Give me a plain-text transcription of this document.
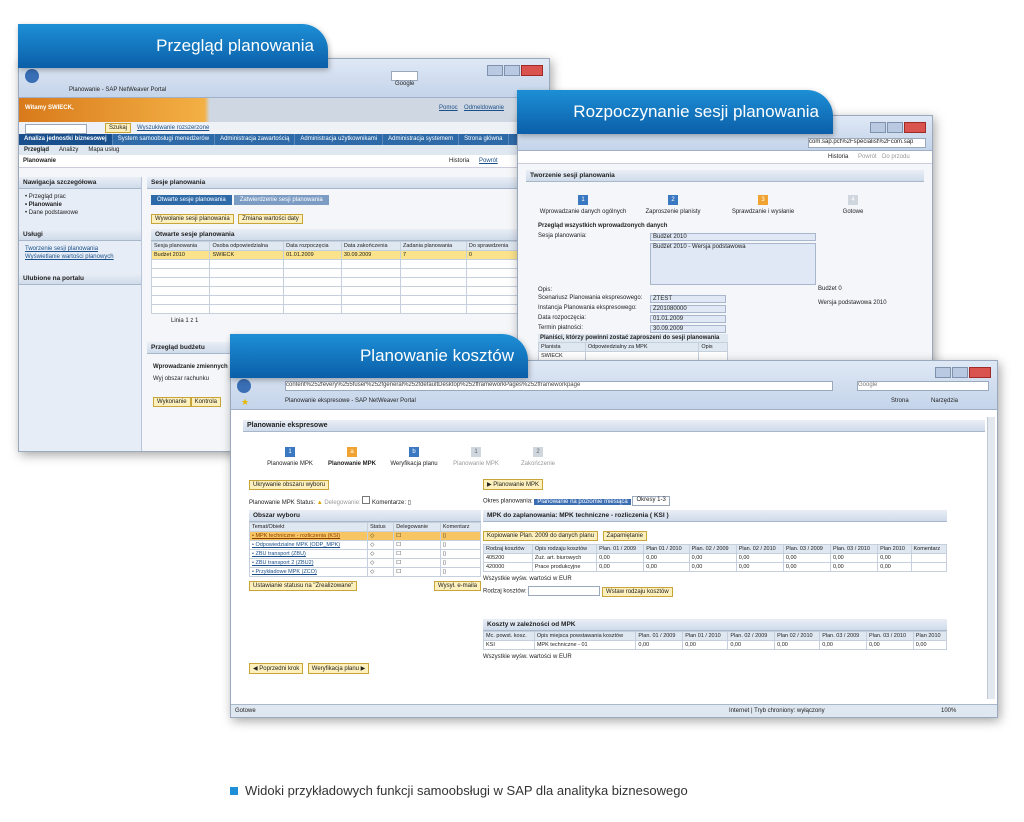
Google
Planowanie - SAP NetWeaver Portal
Witamy SWIECK,	Pomoc Odmeldowanie
Szukaj	Wyszukiwanie rozszerzone
Analiza jednostki biznesowej	System samoobsługi menedżerów	Administracja zawartością	Administracja użytkownikami	Administracja systemem	Strona główna
Przegląd	Analizy	Mapa usług
Planowanie	Historia Powrót
Nawigacja szczegółowa
• Przegląd prac
• Planowanie
• Dane podstawowe
Usługi
Tworzenie sesji planowania
Wyświetlanie wartości planowych
Ulubione na portalu
Sesje planowania
Otwarte sesje planowania	Zatwierdzenie sesji planowania
Wywołanie sesji planowania Zmiana wartości daty
Otwarte sesje planowania
Sesja planowania	Osoba odpowiedzialna	Data rozpoczęcia	Data zakończenia	Zadania planowania	Do sprawdzenia	
Budżet 2010	SWIECK	01.01.2009	30.09.2009	7	0	

Linia 1 z 1
Przegląd budżetu
Wprowadzanie zmiennych
Wyj obszar rachunku
Wykonanie Kontrola
com.sap.pct%2Fspecialist%2Fcom.sap
Historia Powrót Do przodu
Tworzenie sesji planowania
1
Wprowadzanie danych ogólnych
2
Zaproszenie planisty
3
Sprawdzanie i wysłanie
4
Gotowe
Przegląd wszystkich wprowadzonych danych
Sesja planowania:	Budżet 2010
Budżet 2010 - Wersja podstawowa
Opis:
Scenariusz Planowania ekspresowego:	ZTEST
Instancja Planowania ekspresowego:	Z201080000
Data rozpoczęcia:	01.01.2009
Termin płatności:	30.09.2009
Budżet 0
Wersja podstawowa 2010
Planiści, którzy powinni zostać zaproszeni do sesji planowania
Planista	Odpowiedzialny za MPK	Opis
SWIECK		
content%252fevery%255fuser%252fgeneral%252fdefaultDesktop%252fframeworkPages%252fframeworkpage	Google
★	Planowanie ekspresowe - SAP NetWeaver Portal	Strona	Narzędzia
Planowanie ekspresowe
1
Planowanie MPK
a
Planowanie MPK
b
Weryfikacja planu
1
Planowanie MPK
2
Zakończenie
Ukrywanie obszaru wyboru
Planowanie MPK Status: ▲ Delegowanie: Komentarze: ▯
Obszar wyboru
Temat/Obiekt	Status	Delegowanie	Komentarz
• MPK techniczne - rozliczenia (KSI)	◇	☐	▯
• Odpowiedzialne MPK (ODP_MPK)	◇	☐	▯
• ZBU transport (ZBU)	◇	☐	▯
• ZBU transport 2 (ZBU2)	◇	☐	▯
• Przykładowe MPK (ZCO)	◇	☐	▯
Ustawianie statusu na "Zrealizowane"	Wysył. e-maila
◀ Poprzedni krok Weryfikacja planu ▶
▶ Planowanie MPK
Okres planowania: Planowanie na poziomie miesiąca Okresy 1-3
MPK do zaplanowania: MPK techniczne - rozliczenia ( KSI )
Kopiowanie Plan. 2009 do danych planu Zapamiętanie
Rodzaj kosztów	Opis rodzaju kosztów	Plan. 01 / 2009	Plan 01 / 2010	Plan. 02 / 2009	Plan. 02 / 2010	Plan. 03 / 2009	Plan. 03 / 2010	Plan 2010	Komentarz
405200	Zuż. art. biurowych	0,00	0,00	0,00	0,00	0,00	0,00	0,00	
420000	Prace produkcyjne	0,00	0,00	0,00	0,00	0,00	0,00	0,00	
Wszystkie wyśw. wartości w EUR
Rodzaj kosztów:	Wstaw rodzaju kosztów
Koszty w zależności od MPK
Mc. powst. kosz.	Opis miejsca powstawania kosztów	Plan. 01 / 2009	Plan 01 / 2010	Plan. 02 / 2009	Plan 02 / 2010	Plan. 03 / 2009	Plan. 03 / 2010	Plan 2010
KSI	MPK techniczne - 01	0,00	0,00	0,00	0,00	0,00	0,00	0,00
Wszystkie wyśw. wartości w EUR
Gotowe	Internet | Tryb chroniony: wyłączony	100%
Przegląd planowania
Rozpoczynanie sesji planowania
Planowanie kosztów
Widoki przykładowych funkcji samoobsługi w SAP dla analityka biznesowego
